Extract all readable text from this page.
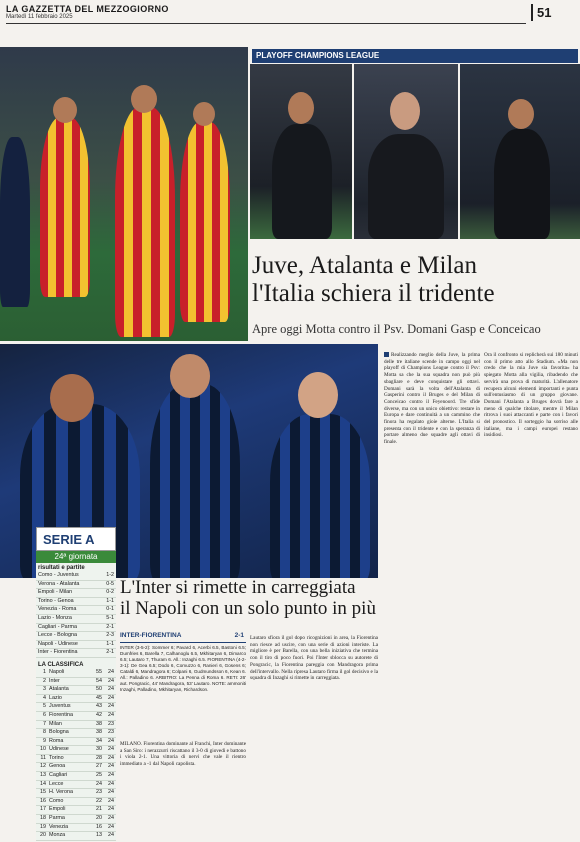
LA GAZZETTA DEL MEZZOGIORNO
Martedì 11 febbraio 2025	51
PLAYOFF CHAMPIONS LEAGUE
Juve, Atalanta e Milan
l'Italia schiera il tridente
Apre oggi Motta contro il Psv. Domani Gasp e Conceicao
SERIE A
24ª giornata
risultati e partite
Como - Juventus	1-2
Verona - Atalanta	0-5
Empoli - Milan	0-2
Torino - Genoa	1-1
Venezia - Roma	0-1
Lazio - Monza	5-1
Cagliari - Parma	2-1
Lecce - Bologna	2-3
Napoli - Udinese	1-1
Inter - Fiorentina	2-1
LA CLASSIFICA
1 Napoli	55	24
2 Inter	54	24
3 Atalanta	50	24
4 Lazio	45	24
5 Juventus	43	24
6 Fiorentina	42	24
7 Milan	38	23
8 Bologna	38	23
9 Roma	34	24
10 Udinese	30	24
11 Torino	28	24
12 Genoa	27	24
13 Cagliari	25	24
14 Lecce	24	24
15 H. Verona	23	24
16 Como	22	24
17 Empoli	21	24
18 Parma	20	24
19 Venezia	16	24
20 Monza	13	24
L'Inter si rimette in carreggiata
il Napoli con un solo punto in più
INTER-FIORENTINA	2-1
INTER (3-5-2): Sommer 6; Pavard 6, Acerbi 6.5, Bastoni 6.5; Dumfries 6, Barella 7, Calhanoglu 6.5, Mkhitaryan 6, Dimarco 6.5; Lautaro 7, Thuram 6. All.: Inzaghi 6.5. FIORENTINA (4-2-3-1): De Gea 6.5; Dodo 6, Comuzzo 6, Ranieri 6, Gosens 6; Cataldi 6, Mandragora 6; Colpani 6, Gudmundsson 6, Kean 6. All.: Palladino 6. ARBITRO: La Penna di Roma 6. RETI: 26' aut. Pongracic, 44' Mandragora, 53' Lautaro. NOTE: ammoniti Inzaghi, Palladino, Mkhitaryan, Richardson.
MILANO. Fiorentina dominante al Franchi, Inter dominante a San Siro: i nerazzurri riscattano il 3-0 di giovedì e battono i viola 2-1. Una vittoria di nervi che vale il rientro immediato a -1 dal Napoli capolista.
Lautaro sfiora il gol dopo ricognizioni in area, la Fiorentina non riesce ad uscire, con una serie di azioni interiste. La migliore è per Barella, con una bella iniziativa che termina con il tiro di poco fuori. Poi l'Inter sblocca su autorete di Pongracic, la Fiorentina pareggia con Mandragora prima dell'intervallo. Nella ripresa Lautaro firma il gol decisivo e la squadra di Inzaghi si rimette in carreggiata.
Realizzando meglio della Juve, la prima delle tre italiane scende in campo oggi nel playoff di Champions League contro il Psv: Motta sa che la sua squadra non può più sbagliare e deve conquistare gli ottavi. Domani sarà la volta dell'Atalanta di Gasperini contro il Bruges e del Milan di Conceicao contro il Feyenoord. Tre sfide diverse, ma con un unico obiettivo: restare in Europa e dare continuità a un cammino che finora ha regalato gioie alterne. L'Italia si presenta con il tridente e con la speranza di portare almeno due squadre agli ottavi di finale.
Ora il confronto si replicherà sui 180 minuti con il primo atto allo Stadium. «Ma non credo che la mia Juve sia favorita» ha spiegato Motta alla vigilia, ribadendo che servirà una prova di maturità. L'allenatore recupera alcuni elementi importanti e punta sull'entusiasmo di un gruppo giovane. Domani l'Atalanta a Bruges dovrà fare a meno di qualche titolare, mentre il Milan ritrova i suoi attaccanti e parte con i favori del pronostico. Il sorteggio ha sorriso alle italiane, ma i campi europei restano insidiosi.
